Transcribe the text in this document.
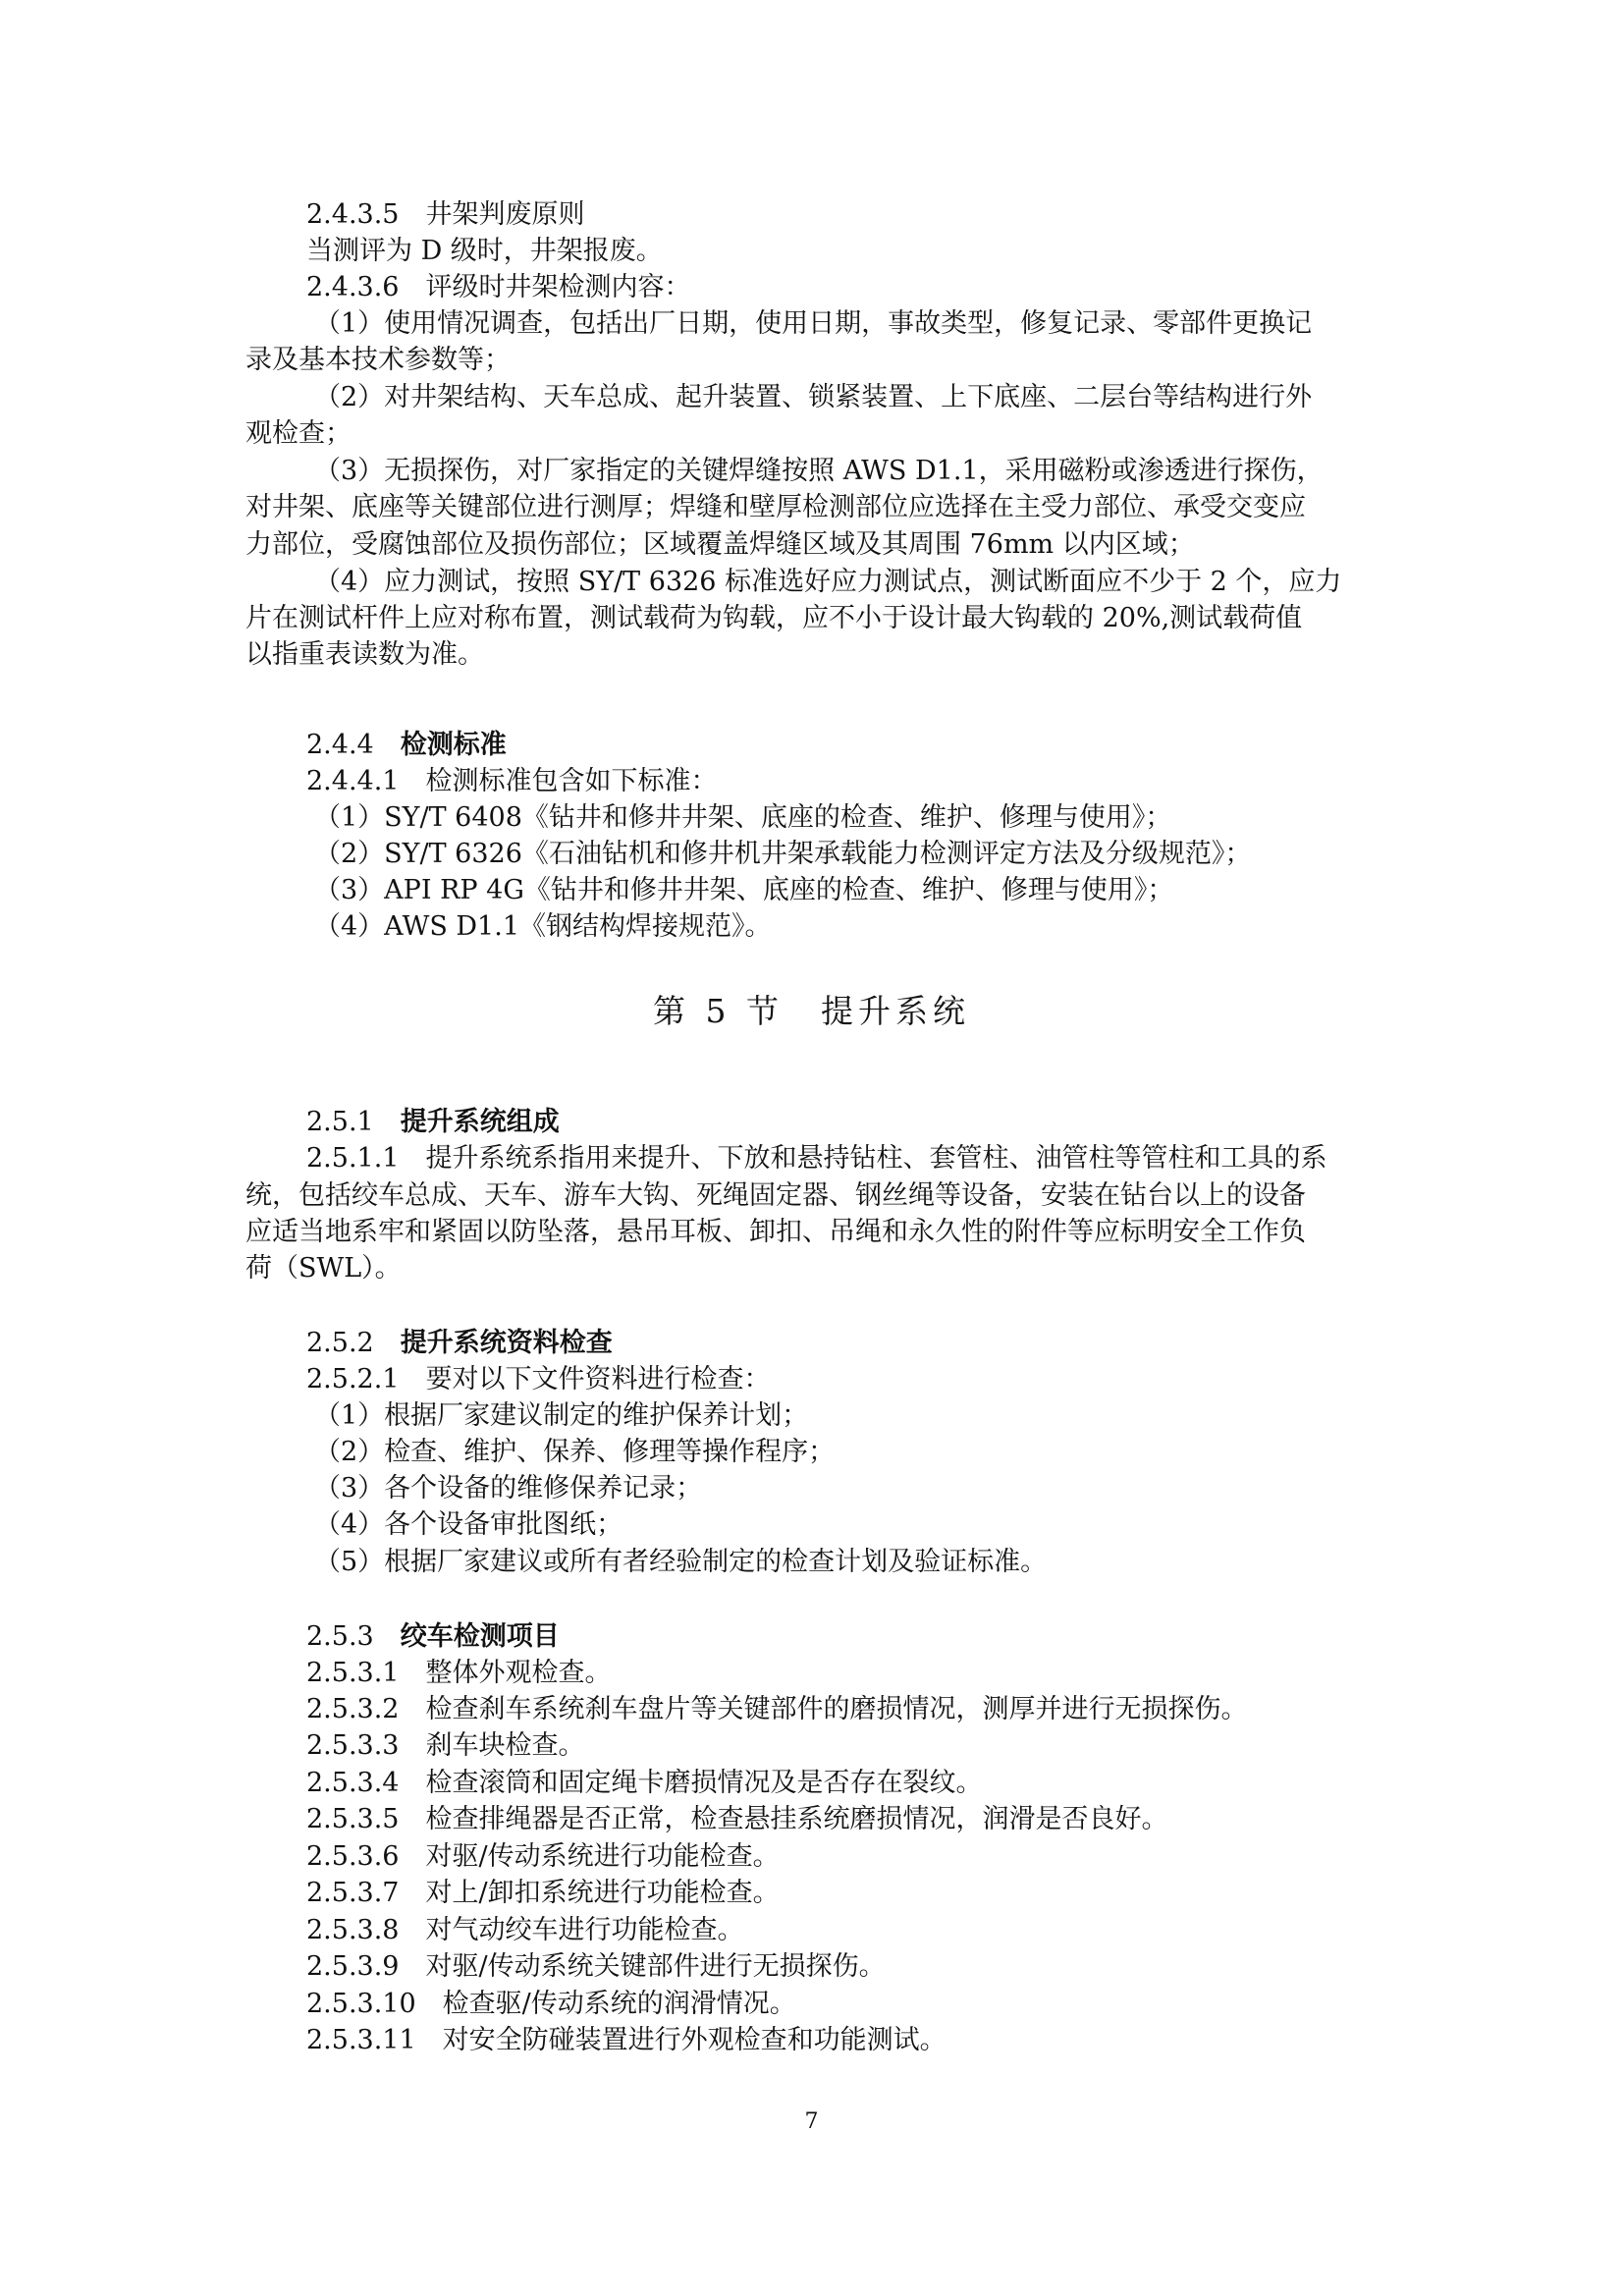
2.4.3.5　 井架判废原则
当测评为 D 级时，井架报废。
2.4.3.6　 评级时井架检测内容：
（1）使用情况调查，包括出厂日期，使用日期，事故类型，修复记录、零部件更换记
录及基本技术参数等；
（2）对井架结构、天车总成、起升装置、锁紧装置、上下底座、二层台等结构进行外
观检查；
（3）无损探伤，对厂家指定的关键焊缝按照 AWS D1.1，采用磁粉或渗透进行探伤，
对井架、底座等关键部位进行测厚；焊缝和壁厚检测部位应选择在主受力部位、承受交变应
力部位，受腐蚀部位及损伤部位；区域覆盖焊缝区域及其周围 76mm 以内区域；
（4）应力测试，按照 SY/T 6326 标准选好应力测试点，测试断面应不少于 2 个，应力
片在测试杆件上应对称布置，测试载荷为钩载，应不小于设计最大钩载的 20%,测试载荷值
以指重表读数为准。
2.4.4　 检测标准
2.4.4.1　 检测标准包含如下标准：
（1）SY/T 6408《钻井和修井井架、底座的检查、维护、修理与使用》；
（2）SY/T 6326《石油钻机和修井机井架承载能力检测评定方法及分级规范》；
（3）API RP 4G《钻井和修井井架、底座的检查、维护、修理与使用》；
（4）AWS D1.1《钢结构焊接规范》。
第 5 节　提升系统
2.5.1　 提升系统组成
2.5.1.1　 提升系统系指用来提升、下放和悬持钻柱、套管柱、油管柱等管柱和工具的系
统，包括绞车总成、天车、游车大钩、死绳固定器、钢丝绳等设备，安装在钻台以上的设备
应适当地系牢和紧固以防坠落，悬吊耳板、卸扣、吊绳和永久性的附件等应标明安全工作负
荷（SWL）。
2.5.2　 提升系统资料检查
2.5.2.1　 要对以下文件资料进行检查：
（1）根据厂家建议制定的维护保养计划；
（2）检查、维护、保养、修理等操作程序；
（3）各个设备的维修保养记录；
（4）各个设备审批图纸；
（5）根据厂家建议或所有者经验制定的检查计划及验证标准。
2.5.3　 绞车检测项目
2.5.3.1　 整体外观检查。
2.5.3.2　 检查刹车系统刹车盘片等关键部件的磨损情况，测厚并进行无损探伤。
2.5.3.3　 刹车块检查。
2.5.3.4　 检查滚筒和固定绳卡磨损情况及是否存在裂纹。
2.5.3.5　 检查排绳器是否正常，检查悬挂系统磨损情况，润滑是否良好。
2.5.3.6　 对驱/传动系统进行功能检查。
2.5.3.7　 对上/卸扣系统进行功能检查。
2.5.3.8　 对气动绞车进行功能检查。
2.5.3.9　 对驱/传动系统关键部件进行无损探伤。
2.5.3.10　 检查驱/传动系统的润滑情况。
2.5.3.11　 对安全防碰装置进行外观检查和功能测试。
7
